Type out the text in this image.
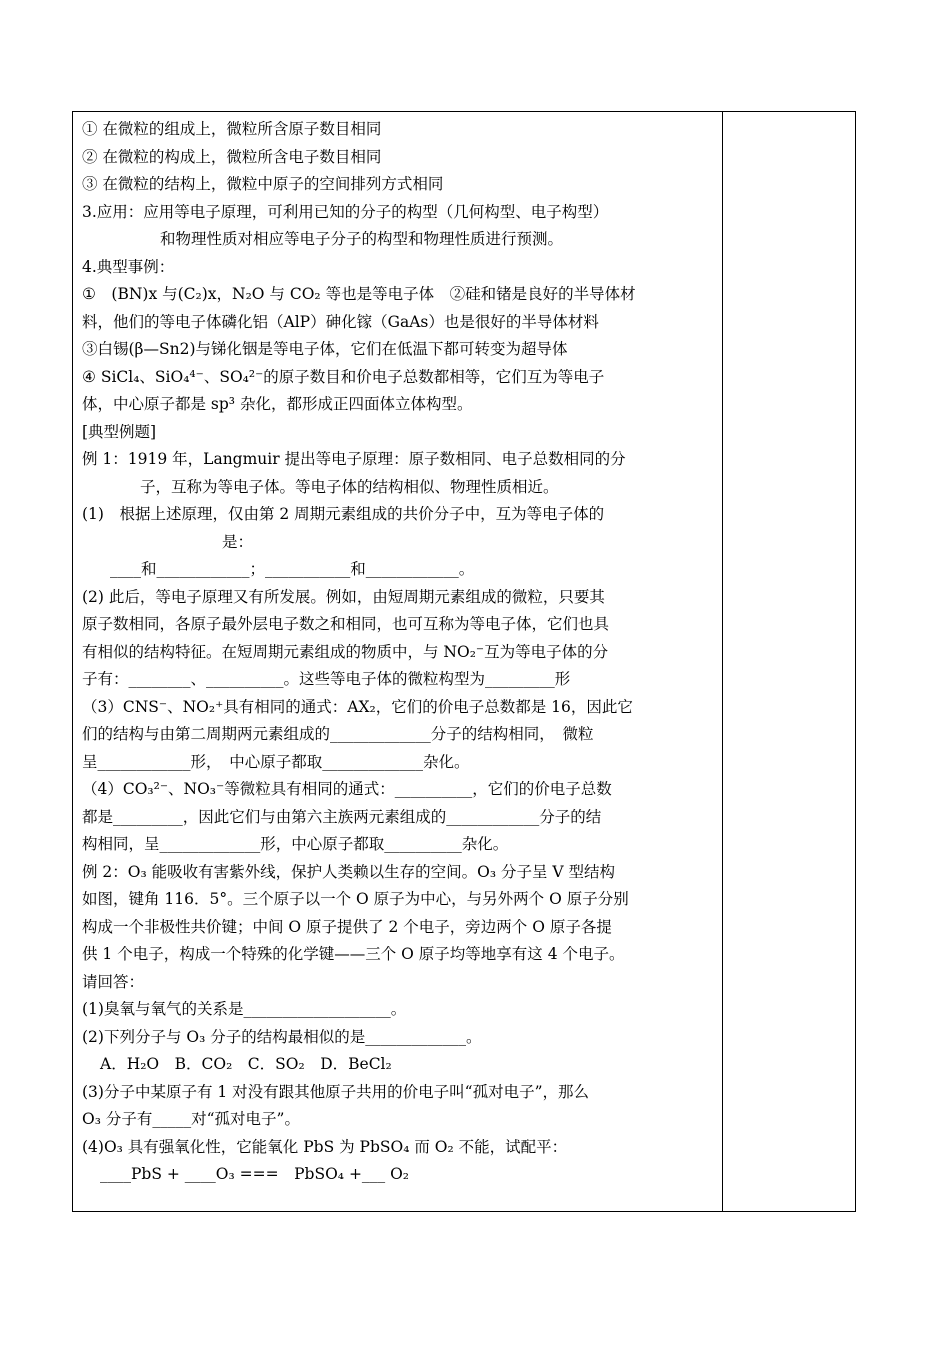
① 在微粒的组成上，微粒所含原子数目相同
② 在微粒的构成上，微粒所含电子数目相同
③ 在微粒的结构上，微粒中原子的空间排列方式相同
3.应用：应用等电子原理，可利用已知的分子的构型（几何构型、电子构型）
和物理性质对相应等电子分子的构型和物理性质进行预测。
4.典型事例：
①　(BN)x 与(C₂)x，N₂O 与 CO₂ 等也是等电子体　②硅和锗是良好的半导体材
料，他们的等电子体磷化铝（AlP）砷化镓（GaAs）也是很好的半导体材料
③白锡(β—Sn2)与锑化铟是等电子体，它们在低温下都可转变为超导体
④ SiCl₄、SiO₄⁴⁻、SO₄²⁻的原子数目和价电子总数都相等，它们互为等电子
体，中心原子都是 sp³ 杂化，都形成正四面体立体构型。
[典型例题]
例 1：1919 年，Langmuir 提出等电子原理：原子数相同、电子总数相同的分
子，互称为等电子体。等电子体的结构相似、物理性质相近。
(1)　根据上述原理，仅由第 2 周期元素组成的共价分子中，互为等电子体的
是：
____和____________；___________和____________。
(2) 此后，等电子原理又有所发展。例如，由短周期元素组成的微粒，只要其
原子数相同，各原子最外层电子数之和相同，也可互称为等电子体，它们也具
有相似的结构特征。在短周期元素组成的物质中，与 NO₂⁻互为等电子体的分
子有：________、__________。这些等电子体的微粒构型为_________形
（3）CNS⁻、NO₂⁺具有相同的通式：AX₂，它们的价电子总数都是 16，因此它
们的结构与由第二周期两元素组成的_____________分子的结构相同，　微粒
呈____________形，　中心原子都取_____________杂化。
（4）CO₃²⁻、NO₃⁻等微粒具有相同的通式：__________，它们的价电子总数
都是_________，因此它们与由第六主族两元素组成的____________分子的结
构相同，呈_____________形，中心原子都取__________杂化。
例 2：O₃ 能吸收有害紫外线，保护人类赖以生存的空间。O₃ 分子呈 V 型结构
如图，键角 116．5°。三个原子以一个 O 原子为中心，与另外两个 O 原子分别
构成一个非极性共价键；中间 O 原子提供了 2 个电子，旁边两个 O 原子各提
供 1 个电子，构成一个特殊的化学键——三个 O 原子均等地享有这 4 个电子。
请回答：
(1)臭氧与氧气的关系是___________________。
(2)下列分子与 O₃ 分子的结构最相似的是_____________。
A．H₂O　B．CO₂　C．SO₂　D．BeCl₂
(3)分子中某原子有 1 对没有跟其他原子共用的价电子叫“孤对电子”，那么
O₃ 分子有_____对“孤对电子”。
(4)O₃ 具有强氧化性，它能氧化 PbS 为 PbSO₄ 而 O₂ 不能，试配平：
____PbS + ____O₃ ===　PbSO₄ +___ O₂
